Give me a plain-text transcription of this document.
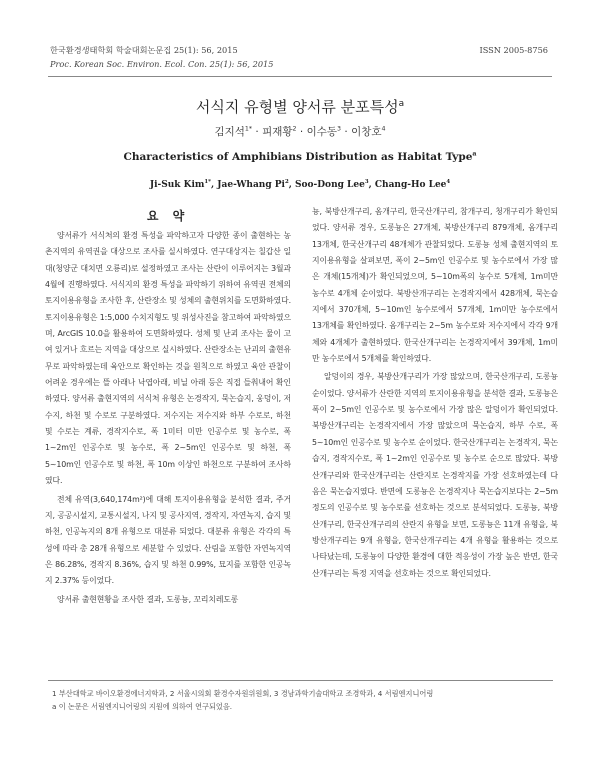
한국환경생태학회 학술대회논문집 25(1): 56, 2015
Proc. Korean Soc. Environ. Ecol. Con. 25(1): 56, 2015
ISSN 2005-8756
서식지 유형별 양서류 분포특성$^a$
김지석$^{1*}$ · 피재황$^2$ · 이수동$^3$ · 이창호$^4$
Characteristics of Amphibians Distribution as Habitat Type$^a$
Ji-Suk Kim$^{1*}$, Jae-Whang Pi$^2$, Soo-Dong Lee$^3$, Chang-Ho Lee$^4$
요 약

양서류가 서식처의 환경 특성을 파악하고자 다양한 종이 출현하는 농촌지역의 유역권을 대상으로 조사를 실시하였다. 연구대상지는 칠갑산 일대(청양군 대치면 오룡리)로 설정하였고 조사는 산란이 이루어지는 3월과 4월에 진행하였다. 서식지의 환경 특성을 파악하기 위하여 유역권 전체의 토지이용유형을 조사한 후, 산란장소 및 성체의 출현위치를 도면화하였다. 토지이용유형은 1:5,000 수치지형도 및 위성사진을 참고하여 파악하였으며, ArcGIS 10.0을 활용하여 도면화하였다. 성체 및 난괴 조사는 물이 고여 있거나 흐르는 지역을 대상으로 실시하였다. 산란장소는 난괴의 출현유무로 파악하였는데 육안으로 확인하는 것을 원칙으로 하였고 육안 관찰이 어려운 경우에는 뜰 아래나 낙엽아래, 비닐 아래 등은 직접 들춰내어 확인하였다. 양서류 출현지역의 서식처 유형은 논경작지, 묵논습지, 웅덩이, 저수지, 하천 및 수로로 구분하였다. 저수지는 저수지와 하부 수로로, 하천 및 수로는 계류, 경작지수로, 폭 1미터 미만 인공수로 및 농수로, 폭 1~2m인 인공수로 및 농수로, 폭 2~5m인 인공수로 및 하천, 폭 5~10m인 인공수로 및 하천, 폭 10m 이상인 하천으로 구분하여 조사하였다.

전체 유역(3,640,174m²)에 대해 토지이용유형을 분석한 결과, 주거지, 공공시설지, 교통시설지, 나지 및 공사지역, 경작지, 자연녹지, 습지 및 하천, 인공녹지의 8개 유형으로 대분류 되었다. 대분류 유형은 각각의 특성에 따라 총 28개 유형으로 세분할 수 있었다. 산림을 포함한 자연녹지역은 86.28%, 경작지 8.36%, 습지 및 하천 0.99%, 묘지를 포함한 인공녹지 2.37% 등이었다.

양서류 출현현황을 조사한 결과, 도롱뇽, 꼬리치레도롱

뇽, 북방산개구리, 옴개구리, 한국산개구리, 참개구리, 청개구리가 확인되었다. 양서류 경우, 도롱뇽은 27개체, 북방산개구리 879개체, 옴개구리 13개체, 한국산개구리 48개체가 관찰되었다. 도롱뇽 성체 출현지역의 토지이용유형을 살펴보면, 폭이 2~5m인 인공수로 및 농수로에서 가장 많은 개체(15개체)가 확인되었으며, 5~10m폭의 농수로 5개체, 1m미만 농수로 4개체 순이었다. 북방산개구리는 논경작지에서 428개체, 묵논습지에서 370개체, 5~10m인 농수로에서 57개체, 1m미만 농수로에서 13개체를 확인하였다. 옴개구리는 2~5m 농수로와 저수지에서 각각 9개체와 4개체가 출현하였다. 한국산개구리는 논경작지에서 39개체, 1m미만 농수로에서 5개체를 확인하였다.

알덩이의 경우, 북방산개구리가 가장 많았으며, 한국산개구리, 도롱뇽 순이었다. 양서류가 산란한 지역의 토지이용유형을 분석한 결과, 도롱뇽은 폭이 2~5m인 인공수로 및 농수로에서 가장 많은 알덩이가 확인되었다. 북방산개구리는 논경작지에서 가장 많았으며 묵논습지, 하부 수로, 폭 5~10m인 인공수로 및 농수로 순이었다. 한국산개구리는 논경작지, 묵논습지, 경작지수로, 폭 1~2m인 인공수로 및 농수로 순으로 많았다. 북방산개구리와 한국산개구리는 산란지로 논경작지를 가장 선호하였는데 다음은 묵논습지였다. 반면에 도롱뇽은 논경작지나 묵논습지보다는 2~5m 정도의 인공수로 및 농수로를 선호하는 것으로 분석되었다. 도롱뇽, 북방산개구리, 한국산개구리의 산란지 유형을 보면, 도롱뇽은 11개 유형을, 북방산개구리는 9개 유형을, 한국산개구리는 4개 유형을 활용하는 것으로 나타났는데, 도롱뇽이 다양한 환경에 대한 적응성이 가장 높은 반면, 한국산개구리는 특정 지역을 선호하는 것으로 확인되었다.

1 부산대학교 바이오환경에너지학과, 2 서울시의회 환경수자원위원회, 3 경남과학기술대학교 조경학과, 4 서림엔지니어링
a 이 논문은 서림엔지니어링의 지원에 의하여 연구되었음.
